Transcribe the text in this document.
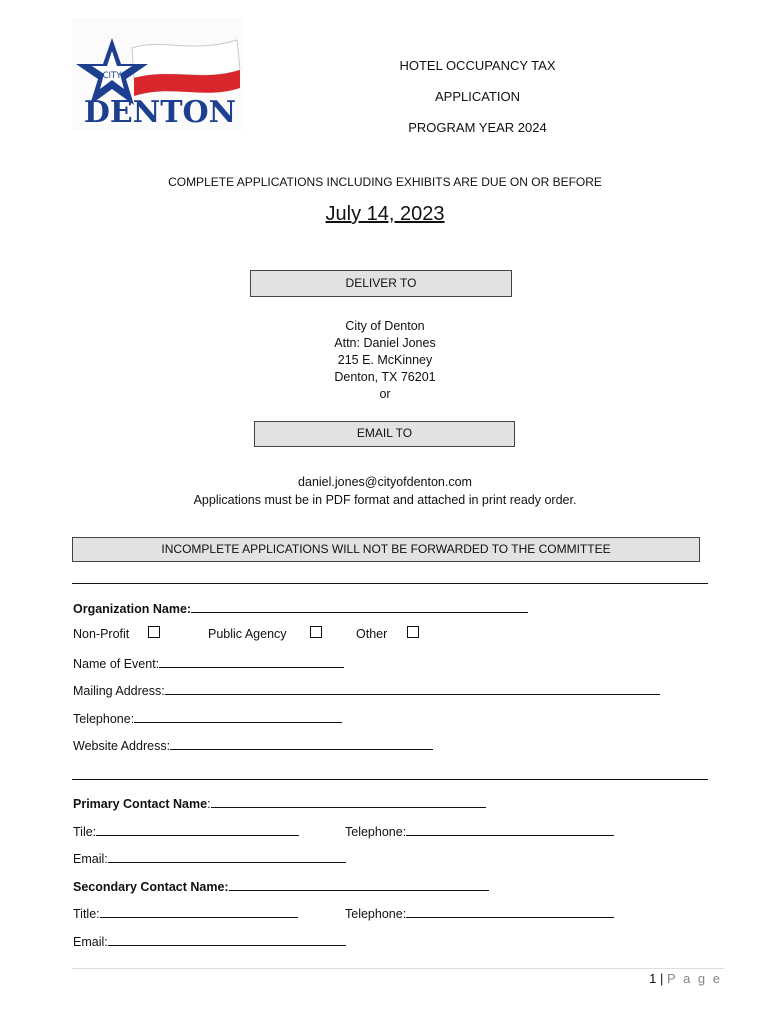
CITY
OF
DENTON
HOTEL OCCUPANCY TAX
APPLICATION
PROGRAM YEAR 2024
COMPLETE APPLICATIONS INCLUDING EXHIBITS ARE DUE ON OR BEFORE
July 14, 2023
DELIVER TO
City of Denton
Attn: Daniel Jones
215 E. McKinney
Denton, TX 76201
or
EMAIL TO
daniel.jones@cityofdenton.com
Applications must be in PDF format and attached in print ready order.
INCOMPLETE APPLICATIONS WILL NOT BE FORWARDED TO THE COMMITTEE
Organization Name:
Non-Profit	Public Agency	Other
Name of Event:
Mailing Address:
Telephone:
Website Address:
Primary Contact Name:
Tile:	Telephone:
Email:
Secondary Contact Name:
Title:	Telephone:
Email:
1 | P a g e
